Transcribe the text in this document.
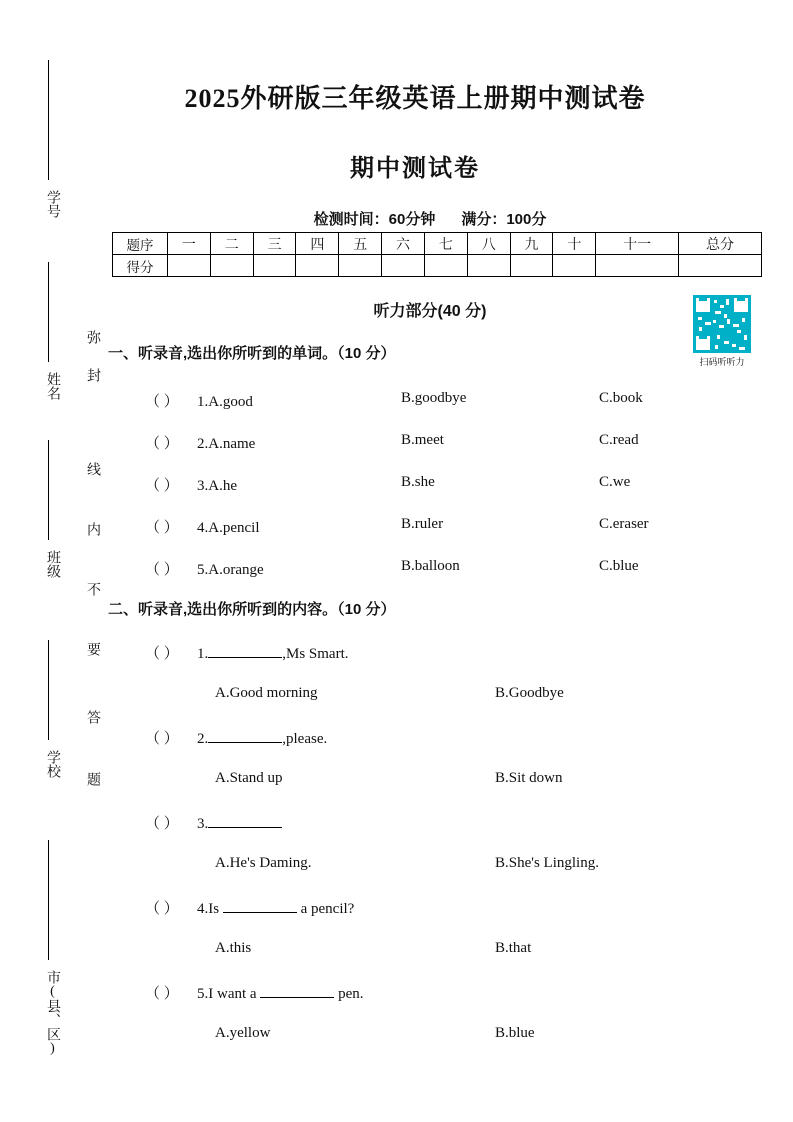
学号
姓名
班级
学校
市(县、区)
弥
封
线
内
不
要
答
题
2025外研版三年级英语上册期中测试卷
期中测试卷
检测时间：60分钟 满分：100分
题序	一	二	三	四	五	六	七	八	九	十	十一	总分
得分												
听力部分(40 分)
扫码听听力
一、听录音,选出你所听到的单词。（10 分）
（ ） 1.A.good	B.goodbye	C.book
（ ） 2.A.name	B.meet	C.read
（ ） 3.A.he	B.she	C.we
（ ） 4.A.pencil	B.ruler	C.eraser
（ ） 5.A.orange	B.balloon	C.blue
二、听录音,选出你所听到的内容。（10 分）
（ ） 1.	,Ms Smart.
A.Good morning	B.Goodbye
（ ） 2.	,please.
A.Stand up	B.Sit down
（ ） 3.
A.He's Daming.	B.She's Lingling.
（ ） 4.Is	a pencil?
A.this	B.that
（ ） 5.I want a	pen.
A.yellow	B.blue
